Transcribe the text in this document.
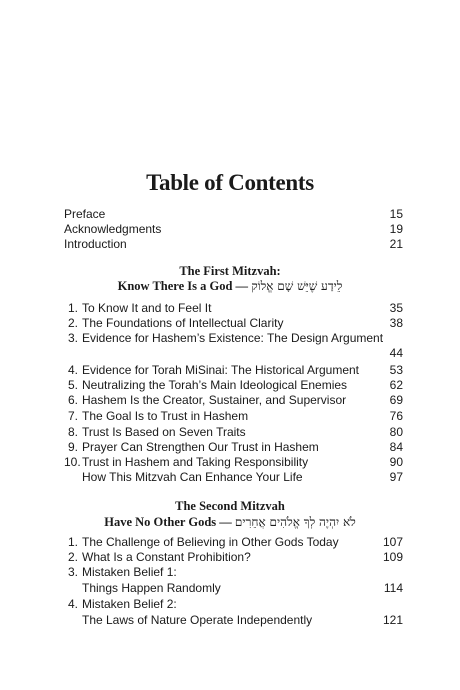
Table of Contents
Preface	15
Acknowledgments	19
Introduction	21
The First Mitzvah:
Know There Is a God — לֵידַע שֶׁיֵּשׁ שָׁם אֱלוֹק
1. To Know It and to Feel It	35
2. The Foundations of Intellectual Clarity	38
3. Evidence for Hashem’s Existence: The Design Argument
44
4. Evidence for Torah MiSinai: The Historical Argument	53
5. Neutralizing the Torah’s Main Ideological Enemies	62
6. Hashem Is the Creator, Sustainer, and Supervisor	69
7. The Goal Is to Trust in Hashem	76
8. Trust Is Based on Seven Traits	80
9. Prayer Can Strengthen Our Trust in Hashem	84
10.Trust in Hashem and Taking Responsibility	90
How This Mitzvah Can Enhance Your Life	97
The Second Mitzvah
Have No Other Gods — לֹא יִהְיֶה לְךָ אֱלֹהִים אֲחֵרִים
1. The Challenge of Believing in Other Gods Today	107
2. What Is a Constant Prohibition?	109
3. Mistaken Belief 1:
Things Happen Randomly	114
4. Mistaken Belief 2:
The Laws of Nature Operate Independently	121
